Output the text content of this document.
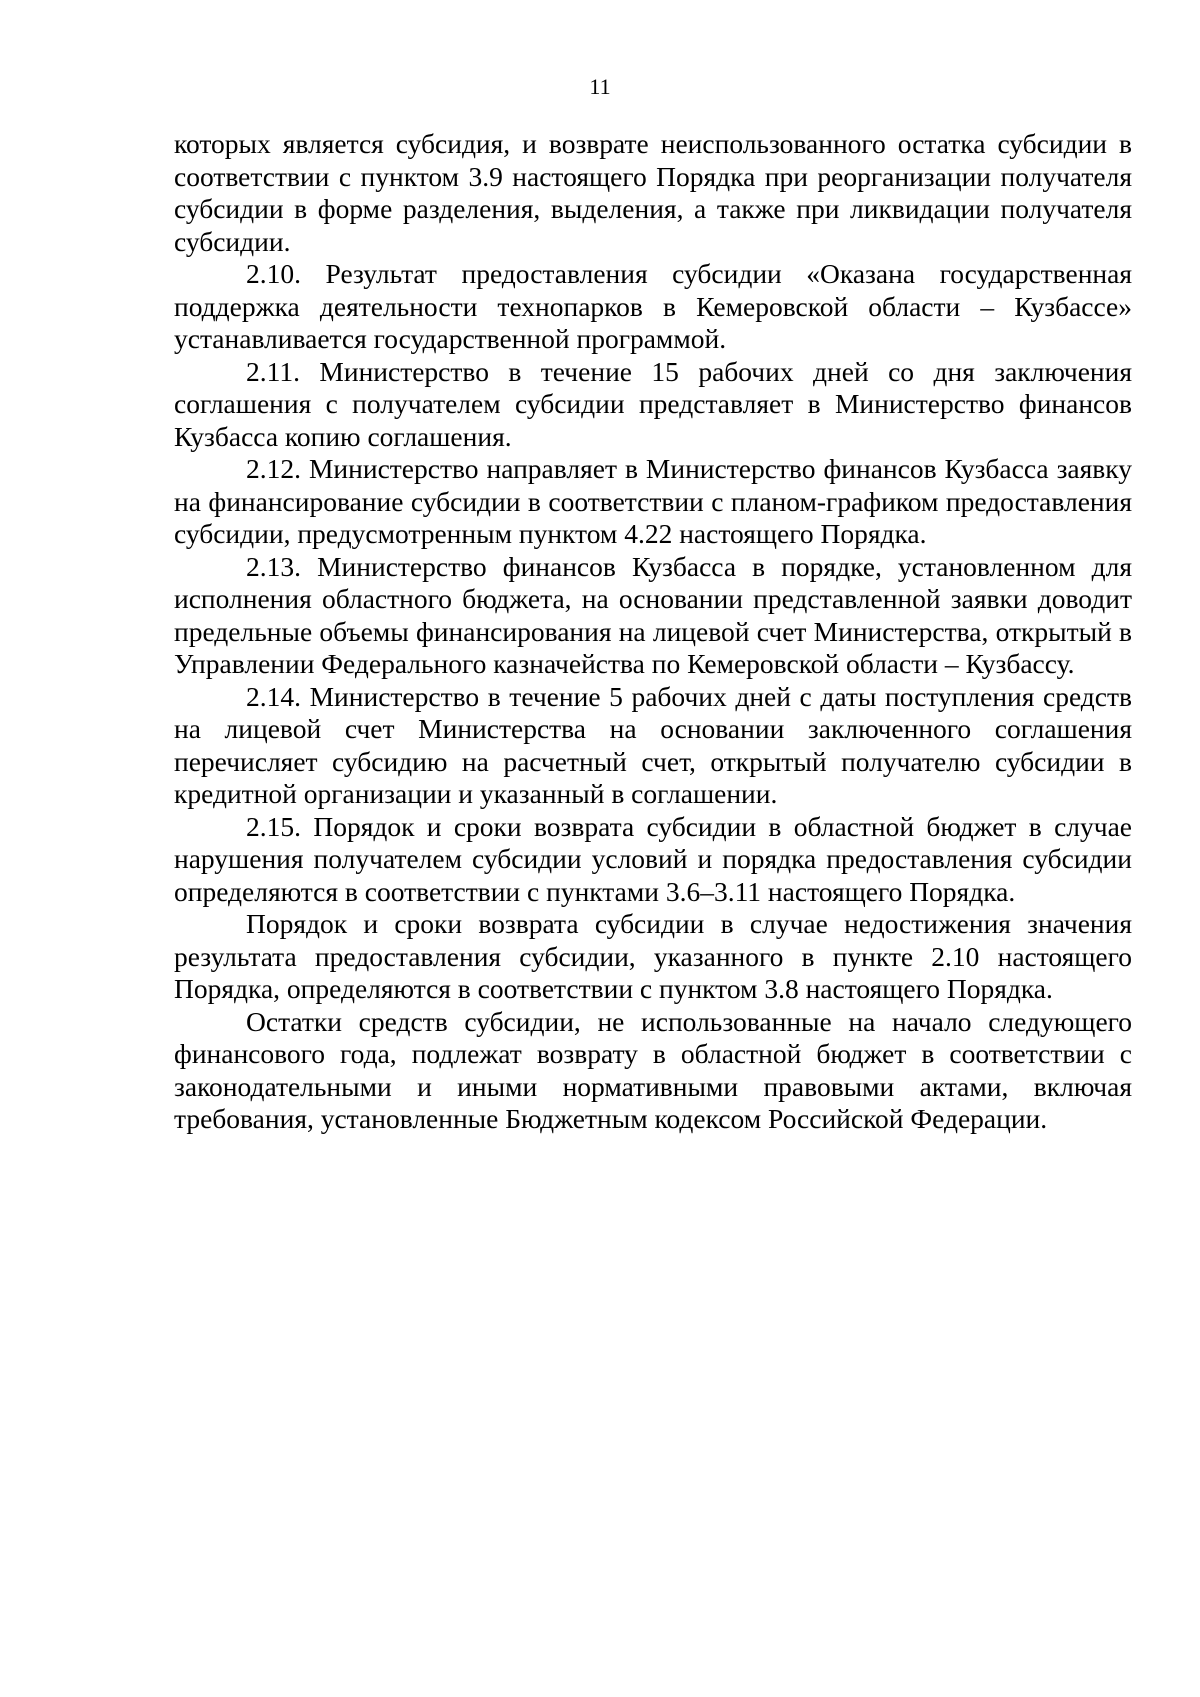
11

которых является субсидия, и возврате неиспользованного остатка субсидии в соответствии с пунктом 3.9 настоящего Порядка при реорганизации получателя субсидии в форме разделения, выделения, а также при ликвидации получателя субсидии.

2.10. Результат предоставления субсидии «Оказана государственная поддержка деятельности технопарков в Кемеровской области – Кузбассе» устанавливается государственной программой.

2.11. Министерство в течение 15 рабочих дней со дня заключения соглашения с получателем субсидии представляет в Министерство финансов Кузбасса копию соглашения.

2.12. Министерство направляет в Министерство финансов Кузбасса заявку на финансирование субсидии в соответствии с планом-графиком предоставления субсидии, предусмотренным пунктом 4.22 настоящего Порядка.

2.13. Министерство финансов Кузбасса в порядке, установленном для исполнения областного бюджета, на основании представленной заявки доводит предельные объемы финансирования на лицевой счет Министерства, открытый в Управлении Федерального казначейства по Кемеровской области – Кузбассу.

2.14. Министерство в течение 5 рабочих дней с даты поступления средств на лицевой счет Министерства на основании заключенного соглашения перечисляет субсидию на расчетный счет, открытый получателю субсидии в кредитной организации и указанный в соглашении.

2.15. Порядок и сроки возврата субсидии в областной бюджет в случае нарушения получателем субсидии условий и порядка предоставления субсидии определяются в соответствии с пунктами 3.6–3.11 настоящего Порядка.

Порядок и сроки возврата субсидии в случае недостижения значения результата предоставления субсидии, указанного в пункте 2.10 настоящего Порядка, определяются в соответствии с пунктом 3.8 настоящего Порядка.

Остатки средств субсидии, не использованные на начало следующего финансового года, подлежат возврату в областной бюджет в соответствии с законодательными и иными нормативными правовыми актами, включая требования, установленные Бюджетным кодексом Российской Федерации.
